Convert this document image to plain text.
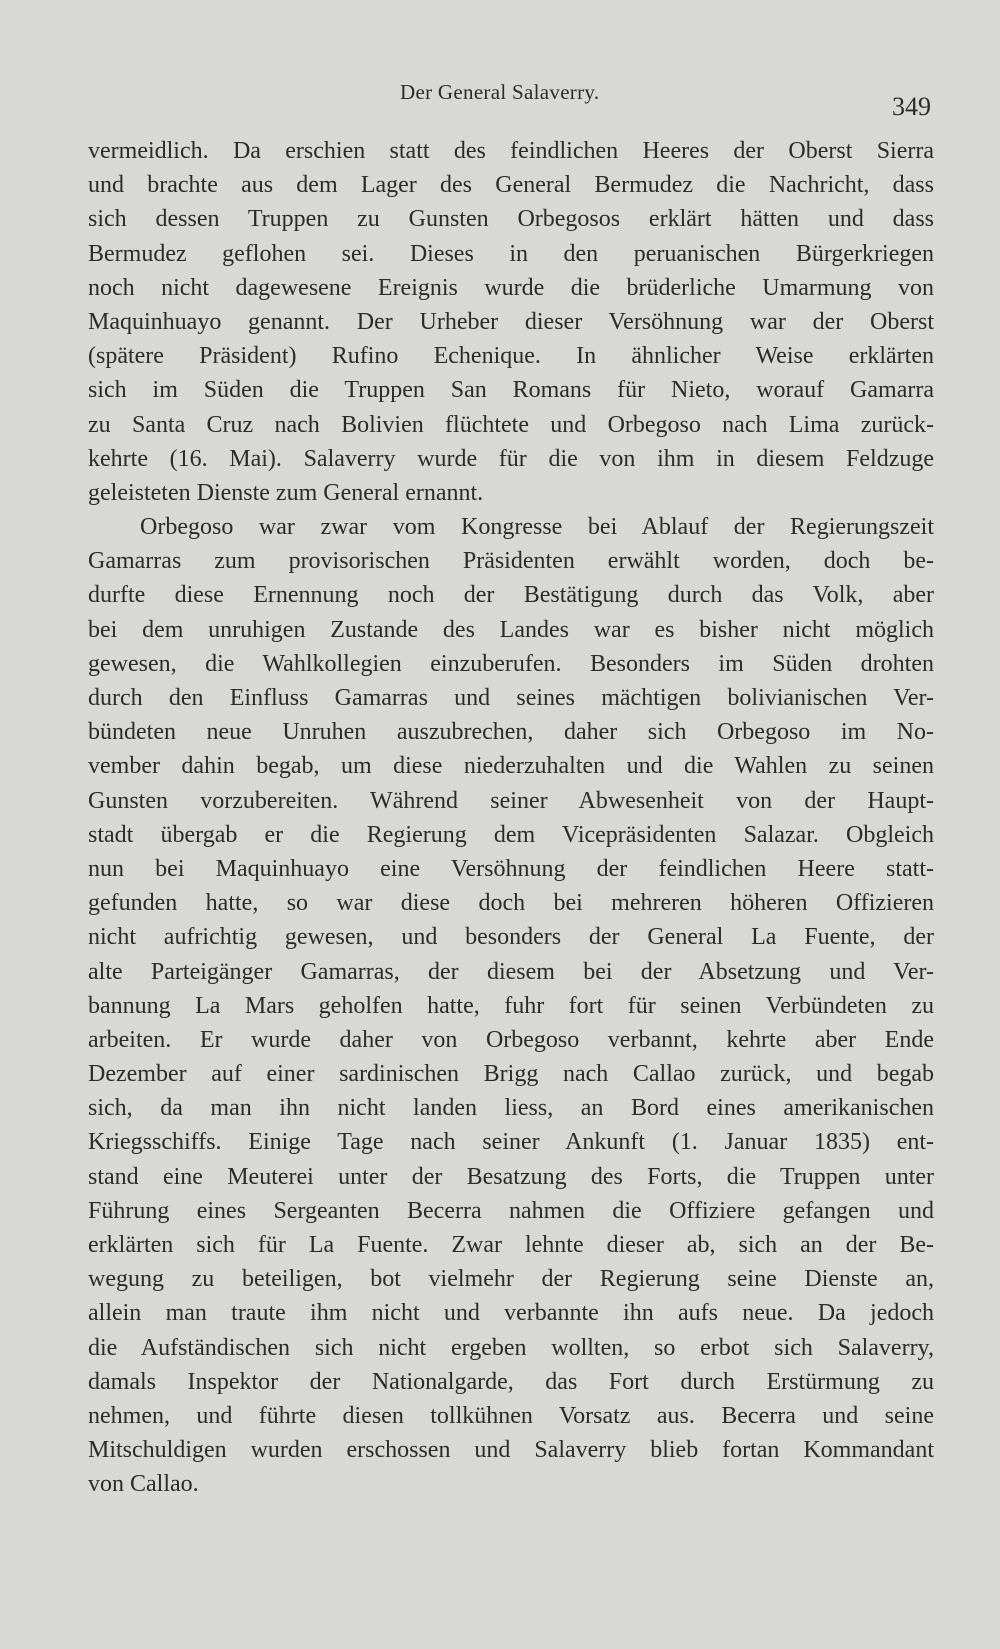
Der General Salaverry.	349
vermeidlich. Da erschien statt des feindlichen Heeres der Oberst Sierra
und brachte aus dem Lager des General Bermudez die Nachricht, dass
sich dessen Truppen zu Gunsten Orbegosos erklärt hätten und dass
Bermudez geflohen sei. Dieses in den peruanischen Bürgerkriegen
noch nicht dagewesene Ereignis wurde die brüderliche Umarmung von
Maquinhuayo genannt. Der Urheber dieser Versöhnung war der Oberst
(spätere Präsident) Rufino Echenique. In ähnlicher Weise erklärten
sich im Süden die Truppen San Romans für Nieto, worauf Gamarra
zu Santa Cruz nach Bolivien flüchtete und Orbegoso nach Lima zurück-
kehrte (16. Mai). Salaverry wurde für die von ihm in diesem Feldzuge
geleisteten Dienste zum General ernannt.
Orbegoso war zwar vom Kongresse bei Ablauf der Regierungszeit
Gamarras zum provisorischen Präsidenten erwählt worden, doch be-
durfte diese Ernennung noch der Bestätigung durch das Volk, aber
bei dem unruhigen Zustande des Landes war es bisher nicht möglich
gewesen, die Wahlkollegien einzuberufen. Besonders im Süden drohten
durch den Einfluss Gamarras und seines mächtigen bolivianischen Ver-
bündeten neue Unruhen auszubrechen, daher sich Orbegoso im No-
vember dahin begab, um diese niederzuhalten und die Wahlen zu seinen
Gunsten vorzubereiten. Während seiner Abwesenheit von der Haupt-
stadt übergab er die Regierung dem Vicepräsidenten Salazar. Obgleich
nun bei Maquinhuayo eine Versöhnung der feindlichen Heere statt-
gefunden hatte, so war diese doch bei mehreren höheren Offizieren
nicht aufrichtig gewesen, und besonders der General La Fuente, der
alte Parteigänger Gamarras, der diesem bei der Absetzung und Ver-
bannung La Mars geholfen hatte, fuhr fort für seinen Verbündeten zu
arbeiten. Er wurde daher von Orbegoso verbannt, kehrte aber Ende
Dezember auf einer sardinischen Brigg nach Callao zurück, und begab
sich, da man ihn nicht landen liess, an Bord eines amerikanischen
Kriegsschiffs. Einige Tage nach seiner Ankunft (1. Januar 1835) ent-
stand eine Meuterei unter der Besatzung des Forts, die Truppen unter
Führung eines Sergeanten Becerra nahmen die Offiziere gefangen und
erklärten sich für La Fuente. Zwar lehnte dieser ab, sich an der Be-
wegung zu beteiligen, bot vielmehr der Regierung seine Dienste an,
allein man traute ihm nicht und verbannte ihn aufs neue. Da jedoch
die Aufständischen sich nicht ergeben wollten, so erbot sich Salaverry,
damals Inspektor der Nationalgarde, das Fort durch Erstürmung zu
nehmen, und führte diesen tollkühnen Vorsatz aus. Becerra und seine
Mitschuldigen wurden erschossen und Salaverry blieb fortan Kommandant
von Callao.
